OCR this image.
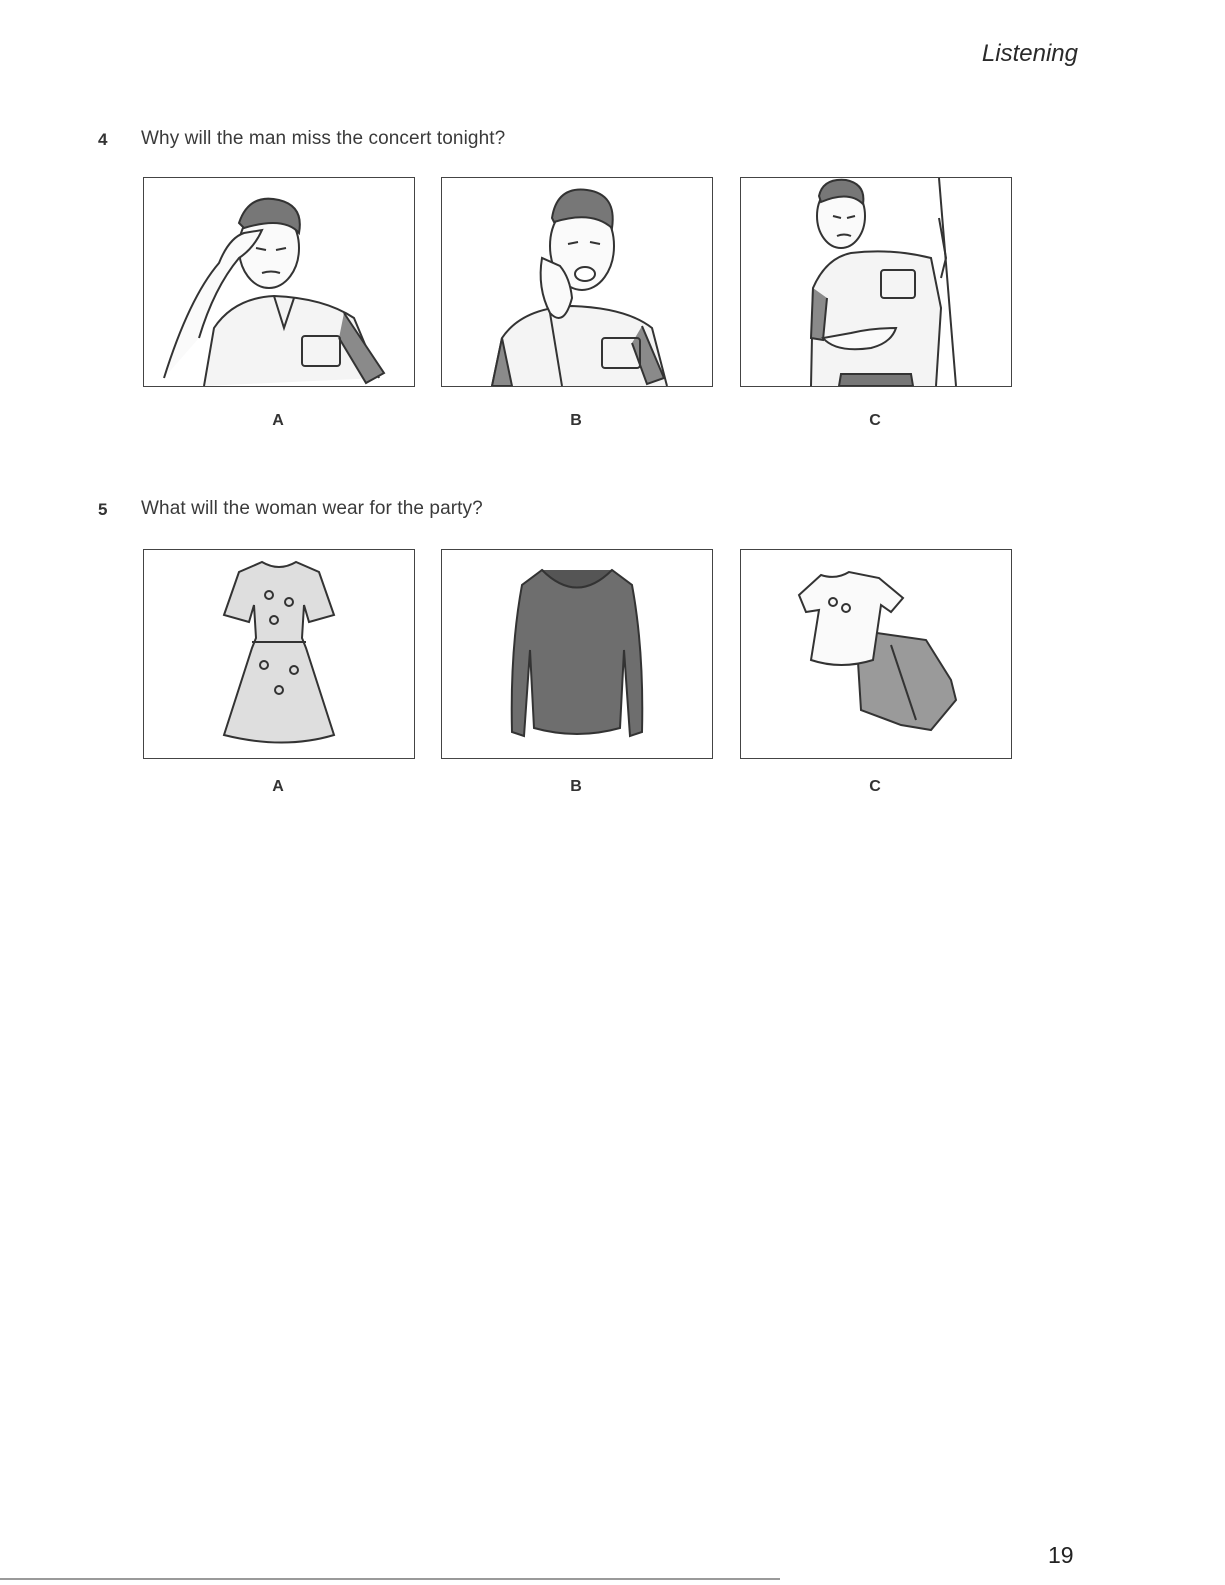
Listening
4 Why will the man miss the concert tonight?
A	B	C
5 What will the woman wear for the party?
A	B	C
19
